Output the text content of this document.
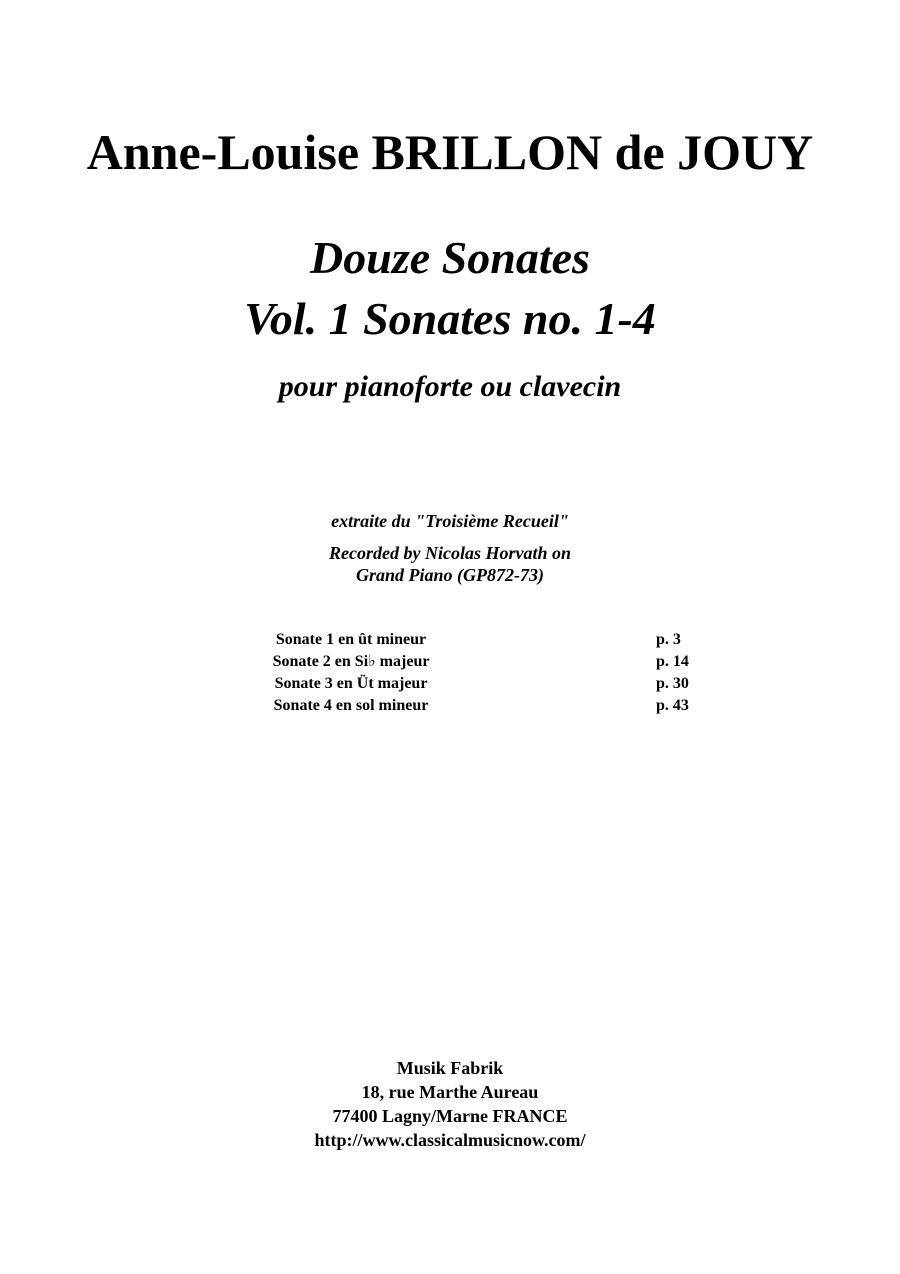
Anne-Louise BRILLON de JOUY
Douze Sonates
Vol. 1 Sonates no. 1-4
pour pianoforte ou clavecin
extraite du "Troisième Recueil"
Recorded by Nicolas Horvath on
Grand Piano (GP872-73)
Sonate 1 en ût mineur	p. 3
Sonate 2 en Si♭ majeur	p. 14
Sonate 3 en Üt majeur	p. 30
Sonate 4 en sol mineur	p. 43
Musik Fabrik
18, rue Marthe Aureau
77400 Lagny/Marne FRANCE
http://www.classicalmusicnow.com/
